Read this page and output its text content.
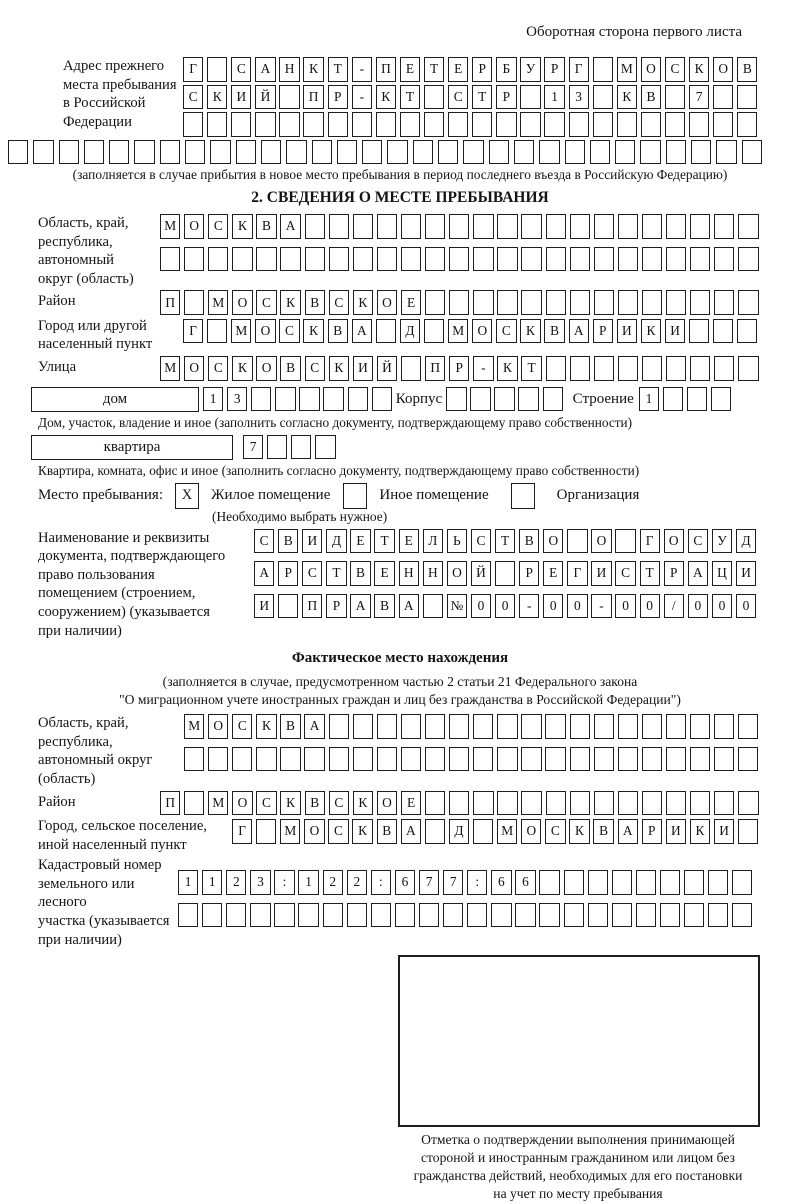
Оборотная сторона первого листа
Адрес прежнего
места пребывания
в Российской
Федерации
Г	С	А	Н	К	Т	-	П	Е	Т	Е	Р	Б	У	Р	Г	М О	С	К	О	В
С	К	И	Й	П	Р	-	К	Т	С	Т	Р	1	3	К	В	7
(заполняется в случае прибытия в новое место пребывания в период последнего въезда в Российскую Федерацию)
2. СВЕДЕНИЯ О МЕСТЕ ПРЕБЫВАНИЯ
Область, край,
республика,
автономный
округ (область)
М О	С	К	В	А
Район	П	М О	С	К	В	С	К	О	Е
Город или другой
населенный пункт
Г	М О	С	К	В	А	Д	М О	С	К	В	А	Р	И	К	И
Улица	М О	С	К	О	В	С	К	И	Й	П	Р	-	К	Т
дом	1	3	Корпус	Строение 1
Дом, участок, владение и иное (заполнить согласно документу, подтверждающему право собственности)
квартира	7
Квартира, комната, офис и иное (заполнить согласно документу, подтверждающему право собственности)
Место пребывания: X Жилое помещение	Иное помещение	Организация
(Необходимо выбрать нужное)
Наименование и реквизиты
документа, подтверждающего
право пользования
помещением (строением,
сооружением) (указывается
при наличии)
С	В	И	Д	Е	Т	Е	Л	Ь	С	Т	В	О	О	Г	О	С	У	Д
А	Р	С	Т	В	Е	Н	Н	О	Й	Р	Е	Г	И	С	Т	Р	А	Ц	И
И	П	Р	А	В	А	№	0	0	-	0	0	-	0	0	/	0	0	0
Фактическое место нахождения
(заполняется в случае, предусмотренном частью 2 статьи 21 Федерального закона
"О миграционном учете иностранных граждан и лиц без гражданства в Российской Федерации")
Область, край,
республика,
автономный округ
(область)
М О	С	К	В	А
Район	П	М О	С	К	В	С	К	О	Е
Город, сельское поселение,
иной населенный пункт
Г	М О	С	К	В	А	Д	М О	С	К	В	А	Р	И	К	И
Кадастровый номер
земельного или лесного
участка (указывается
при наличии)
1	1	2	3	:	1	2	2	:	6	7	7	:	6	6
Отметка о подтверждении выполнения принимающей
стороной и иностранным гражданином или лицом без
гражданства действий, необходимых для его постановки
на учет по месту пребывания
